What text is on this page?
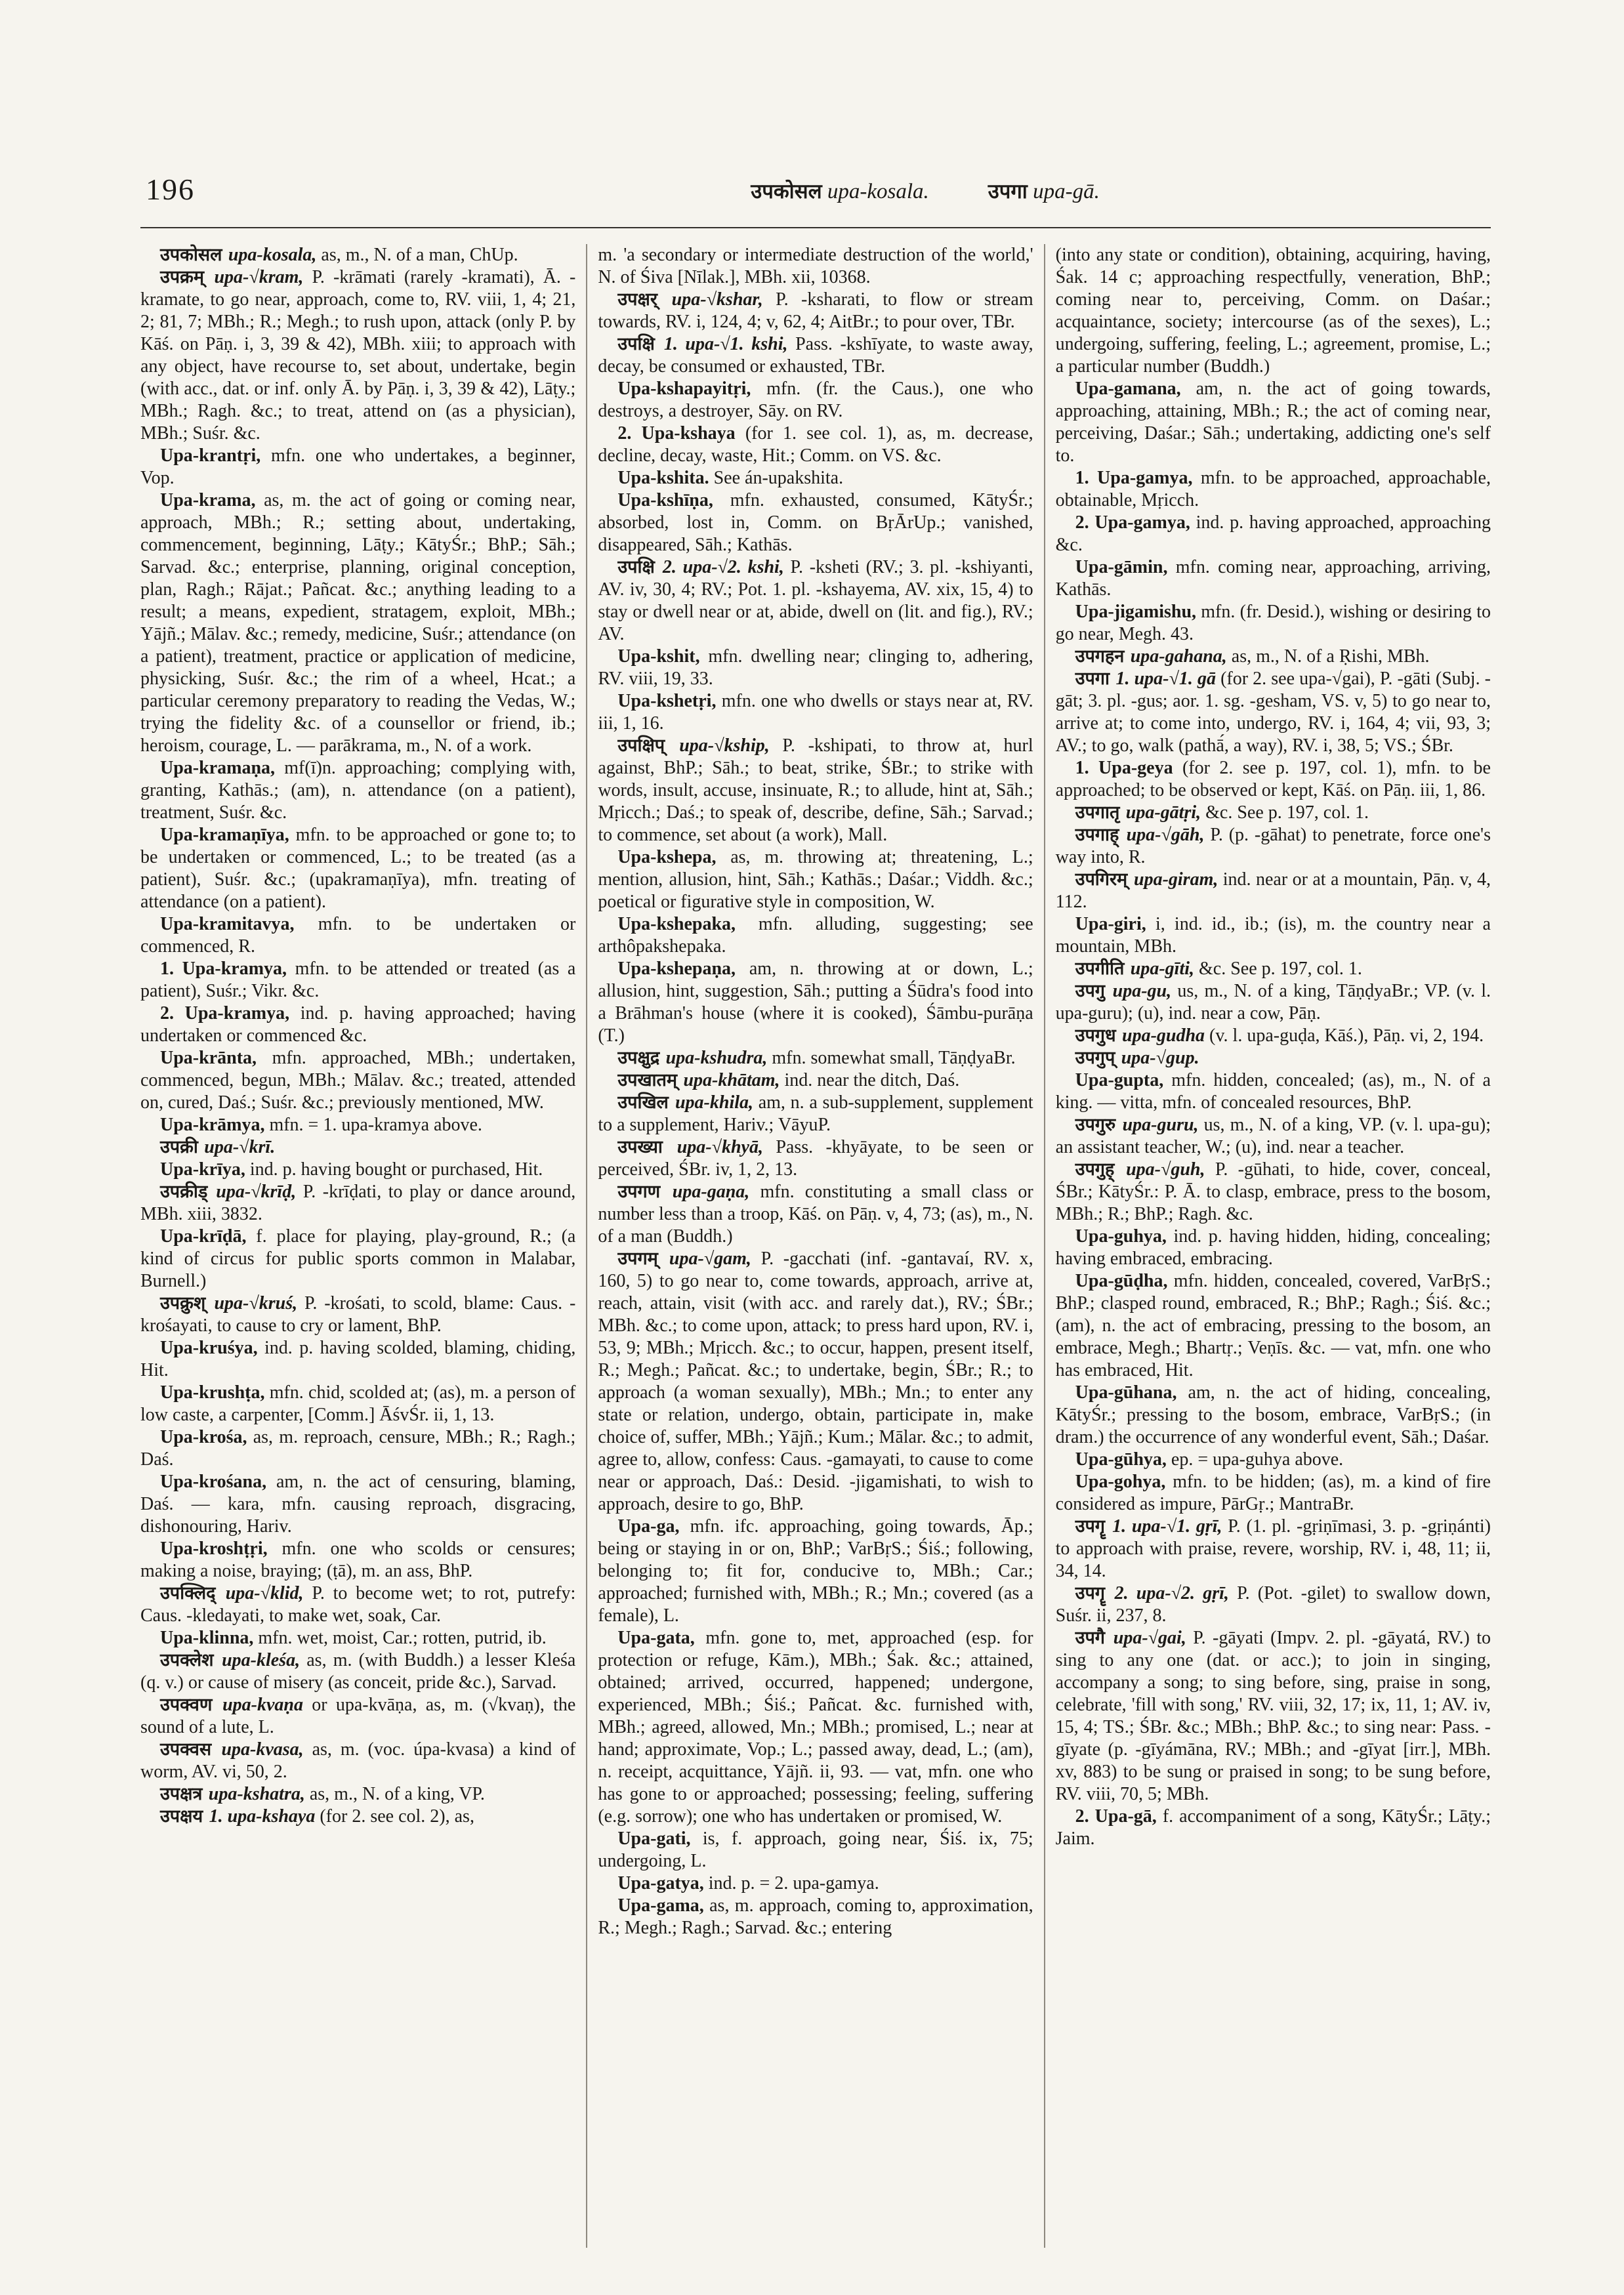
196	उपकोसल upa-kosala.	उपगा upa-gā.

उपकोसल upa-kosala, as, m., N. of a man, ChUp.

उपक्रम् upa-√kram, P. -krāmati (rarely -kramati), Ā. -kramate, to go near, approach, come to, RV. viii, 1, 4; 21, 2; 81, 7; MBh.; R.; Megh.; to rush upon, attack (only P. by Kāś. on Pāṇ. i, 3, 39 & 42), MBh. xiii; to approach with any object, have recourse to, set about, undertake, begin (with acc., dat. or inf. only Ā. by Pāṇ. i, 3, 39 & 42), Lāṭy.; MBh.; Ragh. &c.; to treat, attend on (as a physician), MBh.; Suśr. &c.

Upa-krantṛi, mfn. one who undertakes, a beginner, Vop.

Upa-krama, as, m. the act of going or coming near, approach, MBh.; R.; setting about, undertaking, commencement, beginning, Lāṭy.; KātyŚr.; BhP.; Sāh.; Sarvad. &c.; enterprise, planning, original conception, plan, Ragh.; Rājat.; Pañcat. &c.; anything leading to a result; a means, expedient, stratagem, exploit, MBh.; Yājñ.; Mālav. &c.; remedy, medicine, Suśr.; attendance (on a patient), treatment, practice or application of medicine, physicking, Suśr. &c.; the rim of a wheel, Hcat.; a particular ceremony preparatory to reading the Vedas, W.; trying the fidelity &c. of a counsellor or friend, ib.; heroism, courage, L. — parākrama, m., N. of a work.

Upa-kramaṇa, mf(ī)n. approaching; complying with, granting, Kathās.; (am), n. attendance (on a patient), treatment, Suśr. &c.

Upa-kramaṇīya, mfn. to be approached or gone to; to be undertaken or commenced, L.; to be treated (as a patient), Suśr. &c.; (upakramaṇīya), mfn. treating of attendance (on a patient).

Upa-kramitavya, mfn. to be undertaken or commenced, R.

1. Upa-kramya, mfn. to be attended or treated (as a patient), Suśr.; Vikr. &c.

2. Upa-kramya, ind. p. having approached; having undertaken or commenced &c.

Upa-krānta, mfn. approached, MBh.; undertaken, commenced, begun, MBh.; Mālav. &c.; treated, attended on, cured, Daś.; Suśr. &c.; previously mentioned, MW.

Upa-krāmya, mfn. = 1. upa-kramya above.

उपक्री upa-√krī.

Upa-krīya, ind. p. having bought or purchased, Hit.

उपक्रीड् upa-√krīḍ, P. -krīḍati, to play or dance around, MBh. xiii, 3832.

Upa-krīḍā, f. place for playing, play-ground, R.; (a kind of circus for public sports common in Malabar, Burnell.)

उपक्रुश् upa-√kruś, P. -krośati, to scold, blame: Caus. -krośayati, to cause to cry or lament, BhP.

Upa-kruśya, ind. p. having scolded, blaming, chiding, Hit.

Upa-krushṭa, mfn. chid, scolded at; (as), m. a person of low caste, a carpenter, [Comm.] ĀśvŚr. ii, 1, 13.

Upa-krośa, as, m. reproach, censure, MBh.; R.; Ragh.; Daś.

Upa-krośana, am, n. the act of censuring, blaming, Daś. — kara, mfn. causing reproach, disgracing, dishonouring, Hariv.

Upa-kroshṭṛi, mfn. one who scolds or censures; making a noise, braying; (ṭā), m. an ass, BhP.

उपक्लिद् upa-√klid, P. to become wet; to rot, putrefy: Caus. -kledayati, to make wet, soak, Car.

Upa-klinna, mfn. wet, moist, Car.; rotten, putrid, ib.

उपक्लेश upa-kleśa, as, m. (with Buddh.) a lesser Kleśa (q. v.) or cause of misery (as conceit, pride &c.), Sarvad.

उपक्वण upa-kvaṇa or upa-kvāṇa, as, m. (√kvaṇ), the sound of a lute, L.

उपक्वस upa-kvasa, as, m. (voc. úpa-kvasa) a kind of worm, AV. vi, 50, 2.

उपक्षत्र upa-kshatra, as, m., N. of a king, VP.

उपक्षय 1. upa-kshaya (for 2. see col. 2), as,

m. 'a secondary or intermediate destruction of the world,' N. of Śiva [Nīlak.], MBh. xii, 10368.

उपक्षर् upa-√kshar, P. -ksharati, to flow or stream towards, RV. i, 124, 4; v, 62, 4; AitBr.; to pour over, TBr.

उपक्षि 1. upa-√1. kshi, Pass. -kshīyate, to waste away, decay, be consumed or exhausted, TBr.

Upa-kshapayitṛi, mfn. (fr. the Caus.), one who destroys, a destroyer, Sāy. on RV.

2. Upa-kshaya (for 1. see col. 1), as, m. decrease, decline, decay, waste, Hit.; Comm. on VS. &c.

Upa-kshita. See án-upakshita.

Upa-kshīṇa, mfn. exhausted, consumed, KātyŚr.; absorbed, lost in, Comm. on BṛĀrUp.; vanished, disappeared, Sāh.; Kathās.

उपक्षि 2. upa-√2. kshi, P. -ksheti (RV.; 3. pl. -kshiyanti, AV. iv, 30, 4; RV.; Pot. 1. pl. -kshayema, AV. xix, 15, 4) to stay or dwell near or at, abide, dwell on (lit. and fig.), RV.; AV.

Upa-kshit, mfn. dwelling near; clinging to, adhering, RV. viii, 19, 33.

Upa-kshetṛi, mfn. one who dwells or stays near at, RV. iii, 1, 16.

उपक्षिप् upa-√kship, P. -kshipati, to throw at, hurl against, BhP.; Sāh.; to beat, strike, ŚBr.; to strike with words, insult, accuse, insinuate, R.; to allude, hint at, Sāh.; Mṛicch.; Daś.; to speak of, describe, define, Sāh.; Sarvad.; to commence, set about (a work), Mall.

Upa-kshepa, as, m. throwing at; threatening, L.; mention, allusion, hint, Sāh.; Kathās.; Daśar.; Viddh. &c.; poetical or figurative style in composition, W.

Upa-kshepaka, mfn. alluding, suggesting; see arthôpakshepaka.

Upa-kshepaṇa, am, n. throwing at or down, L.; allusion, hint, suggestion, Sāh.; putting a Śūdra's food into a Brāhman's house (where it is cooked), Śāmbu-purāṇa (T.)

उपक्षुद्र upa-kshudra, mfn. somewhat small, TāṇḍyaBr.

उपखातम् upa-khātam, ind. near the ditch, Daś.

उपखिल upa-khila, am, n. a sub-supplement, supplement to a supplement, Hariv.; VāyuP.

उपख्या upa-√khyā, Pass. -khyāyate, to be seen or perceived, ŚBr. iv, 1, 2, 13.

उपगण upa-gaṇa, mfn. constituting a small class or number less than a troop, Kāś. on Pāṇ. v, 4, 73; (as), m., N. of a man (Buddh.)

उपगम् upa-√gam, P. -gacchati (inf. -gantavaí, RV. x, 160, 5) to go near to, come towards, approach, arrive at, reach, attain, visit (with acc. and rarely dat.), RV.; ŚBr.; MBh. &c.; to come upon, attack; to press hard upon, RV. i, 53, 9; MBh.; Mṛicch. &c.; to occur, happen, present itself, R.; Megh.; Pañcat. &c.; to undertake, begin, ŚBr.; R.; to approach (a woman sexually), MBh.; Mn.; to enter any state or relation, undergo, obtain, participate in, make choice of, suffer, MBh.; Yājñ.; Kum.; Mālar. &c.; to admit, agree to, allow, confess: Caus. -gamayati, to cause to come near or approach, Daś.: Desid. -jigamishati, to wish to approach, desire to go, BhP.

Upa-ga, mfn. ifc. approaching, going towards, Āp.; being or staying in or on, BhP.; VarBṛS.; Śiś.; following, belonging to; fit for, conducive to, MBh.; Car.; approached; furnished with, MBh.; R.; Mn.; covered (as a female), L.

Upa-gata, mfn. gone to, met, approached (esp. for protection or refuge, Kām.), MBh.; Śak. &c.; attained, obtained; arrived, occurred, happened; undergone, experienced, MBh.; Śiś.; Pañcat. &c. furnished with, MBh.; agreed, allowed, Mn.; MBh.; promised, L.; near at hand; approximate, Vop.; L.; passed away, dead, L.; (am), n. receipt, acquittance, Yājñ. ii, 93. — vat, mfn. one who has gone to or approached; possessing; feeling, suffering (e.g. sorrow); one who has undertaken or promised, W.

Upa-gati, is, f. approach, going near, Śiś. ix, 75; undergoing, L.

Upa-gatya, ind. p. = 2. upa-gamya.

Upa-gama, as, m. approach, coming to, approximation, R.; Megh.; Ragh.; Sarvad. &c.; entering

(into any state or condition), obtaining, acquiring, having, Śak. 14 c; approaching respectfully, veneration, BhP.; coming near to, perceiving, Comm. on Daśar.; acquaintance, society; intercourse (as of the sexes), L.; undergoing, suffering, feeling, L.; agreement, promise, L.; a particular number (Buddh.)

Upa-gamana, am, n. the act of going towards, approaching, attaining, MBh.; R.; the act of coming near, perceiving, Daśar.; Sāh.; undertaking, addicting one's self to.

1. Upa-gamya, mfn. to be approached, approachable, obtainable, Mṛicch.

2. Upa-gamya, ind. p. having approached, approaching &c.

Upa-gāmin, mfn. coming near, approaching, arriving, Kathās.

Upa-jigamishu, mfn. (fr. Desid.), wishing or desiring to go near, Megh. 43.

उपगहन upa-gahana, as, m., N. of a Ṛishi, MBh.

उपगा 1. upa-√1. gā (for 2. see upa-√gai), P. -gāti (Subj. -gāt; 3. pl. -gus; aor. 1. sg. -gesham, VS. v, 5) to go near to, arrive at; to come into, undergo, RV. i, 164, 4; vii, 93, 3; AV.; to go, walk (pathā́, a way), RV. i, 38, 5; VS.; ŚBr.

1. Upa-geya (for 2. see p. 197, col. 1), mfn. to be approached; to be observed or kept, Kāś. on Pāṇ. iii, 1, 86.

उपगातृ upa-gātṛi, &c. See p. 197, col. 1.

उपगाह् upa-√gāh, P. (p. -gāhat) to penetrate, force one's way into, R.

उपगिरम् upa-giram, ind. near or at a mountain, Pāṇ. v, 4, 112.

Upa-giri, i, ind. id., ib.; (is), m. the country near a mountain, MBh.

उपगीति upa-gīti, &c. See p. 197, col. 1.

उपगु upa-gu, us, m., N. of a king, TāṇḍyaBr.; VP. (v. l. upa-guru); (u), ind. near a cow, Pāṇ.

उपगुध upa-gudha (v. l. upa-guḍa, Kāś.), Pāṇ. vi, 2, 194.

उपगुप् upa-√gup.

Upa-gupta, mfn. hidden, concealed; (as), m., N. of a king. — vitta, mfn. of concealed resources, BhP.

उपगुरु upa-guru, us, m., N. of a king, VP. (v. l. upa-gu); an assistant teacher, W.; (u), ind. near a teacher.

उपगुह् upa-√guh, P. -gūhati, to hide, cover, conceal, ŚBr.; KātyŚr.: P. Ā. to clasp, embrace, press to the bosom, MBh.; R.; BhP.; Ragh. &c.

Upa-guhya, ind. p. having hidden, hiding, concealing; having embraced, embracing.

Upa-gūḍha, mfn. hidden, concealed, covered, VarBṛS.; BhP.; clasped round, embraced, R.; BhP.; Ragh.; Śiś. &c.; (am), n. the act of embracing, pressing to the bosom, an embrace, Megh.; Bhartṛ.; Veṇīs. &c. — vat, mfn. one who has embraced, Hit.

Upa-gūhana, am, n. the act of hiding, concealing, KātyŚr.; pressing to the bosom, embrace, VarBṛS.; (in dram.) the occurrence of any wonderful event, Sāh.; Daśar.

Upa-gūhya, ep. = upa-guhya above.

Upa-gohya, mfn. to be hidden; (as), m. a kind of fire considered as impure, PārGṛ.; MantraBr.

उपगॄ 1. upa-√1. gṛī, P. (1. pl. -gṛiṇīmasi, 3. p. -gṛiṇánti) to approach with praise, revere, worship, RV. i, 48, 11; ii, 34, 14.

उपगॄ 2. upa-√2. gṛī, P. (Pot. -gilet) to swallow down, Suśr. ii, 237, 8.

उपगै upa-√gai, P. -gāyati (Impv. 2. pl. -gāyatá, RV.) to sing to any one (dat. or acc.); to join in singing, accompany a song; to sing before, sing, praise in song, celebrate, 'fill with song,' RV. viii, 32, 17; ix, 11, 1; AV. iv, 15, 4; TS.; ŚBr. &c.; MBh.; BhP. &c.; to sing near: Pass. -gīyate (p. -gīyámāna, RV.; MBh.; and -gīyat [irr.], MBh. xv, 883) to be sung or praised in song; to be sung before, RV. viii, 70, 5; MBh.

2. Upa-gā, f. accompaniment of a song, KātyŚr.; Lāṭy.; Jaim.
